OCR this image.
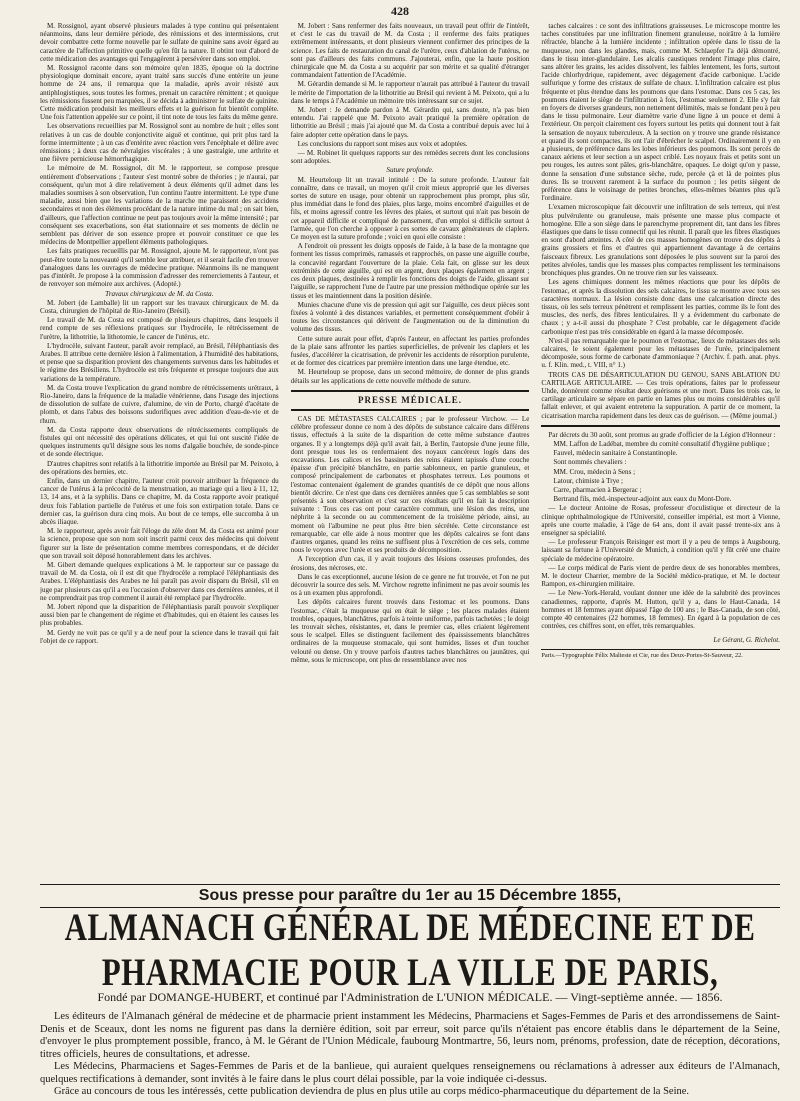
428

M. Rossignol, ayant observé plusieurs malades à type continu qui présentaient néanmoins, dans leur dernière période, des rémissions et des intermissions, crut devoir combattre cette forme nouvelle par le sulfate de quinine sans avoir égard au caractère de l'affection primitive quelle qu'en fût la nature. Il obtint tout d'abord de cette médication des avantages qui l'engagèrent à persévérer dans son emploi.

M. Rossignol raconte dans son mémoire qu'en 1835, époque où la doctrine physiologique dominait encore, ayant traité sans succès d'une entérite un jeune homme de 24 ans, il remarqua que la maladie, après avoir résisté aux antiphlogistiques, sous toutes les formes, prenait un caractère rémittent ; et quoique les rémissions fussent peu marquées, il se décida à administrer le sulfate de quinine. Cette médication produisit les meilleurs effets et la guérison fut bientôt complète. Une fois l'attention appelée sur ce point, il tint note de tous les faits du même genre.

Les observations recueillies par M. Rossignol sont au nombre de huit ; elles sont relatives à un cas de double conjonctivite aiguë et continue, qui prit plus tard la forme intermittente ; à un cas d'entérite avec réaction vers l'encéphale et délire avec rémissions ; à deux cas de névralgies viscérales ; à une gastralgie, une arthrite et une fièvre pernicieuse hémorrhagique.

Le mémoire de M. Rossignol, dit M. le rapporteur, se compose presque entièrement d'observations ; l'auteur s'est montré sobre de théories ; je n'aurai, par conséquent, qu'un mot à dire relativement à deux éléments qu'il admet dans les maladies soumises à son observation, l'un continu l'autre intermittent. Le type d'une maladie, aussi bien que les variations de la marche me paraissent des accidens secondaires et non des éléments procédant de la nature intime du mal ; on sait bien, d'ailleurs, que l'affection continue ne peut pas toujours avoir la même intensité ; par conséquent ses exacerbations, son état stationnaire et ses moments de déclin ne semblent pas dériver de son essence propre et pouvoir constituer ce que les médecins de Montpellier appellent éléments pathologiques.

Les faits pratiques recueillis par M. Rossignol, ajoute M. le rapporteur, n'ont pas peut-être toute la nouveauté qu'il semble leur attribuer, et il serait facile d'en trouver d'analogues dans les ouvrages de médecine pratique. Néanmoins ils ne manquent pas d'intérêt. Je propose à la commission d'adresser des remerciements à l'auteur, et de renvoyer son mémoire aux archives. (Adopté.)

Travaux chirurgicaux de M. da Costa.

M. Jobert (de Lamballe) lit un rapport sur les travaux chirurgicaux de M. da Costa, chirurgien de l'hôpital de Rio-Janeiro (Brésil).

Le travail de M. da Costa est composé de plusieurs chapitres, dans lesquels il rend compte de ses réflexions pratiques sur l'hydrocèle, le rétrécissement de l'urètre, la lithotritie, la lithotomie, le cancer de l'utérus, etc.

L'hydrocèle, suivant l'auteur, paraît avoir remplacé, au Brésil, l'éléphantiasis des Arabes. Il attribue cette dernière lésion à l'alimentation, à l'humidité des habitations, et pense que sa disparition provient des changements survenus dans les habitudes et le régime des Brésiliens. L'hydrocèle est très fréquente et presque toujours due aux variations de la température.

M. da Costa trouve l'explication du grand nombre de rétrécissements urétraux, à Rio-Janeiro, dans la fréquence de la maladie vénérienne, dans l'usage des injections de dissolution de sulfate de cuivre, d'alumine, de vin de Porto, chargé d'acétate de plomb, et dans l'abus des boissons sudorifiques avec addition d'eau-de-vie et de rhum.

M. da Costa rapporte deux observations de rétrécissements compliqués de fistules qui ont nécessité des opérations délicates, et qui lui ont suscité l'idée de quelques instruments qu'il désigne sous les noms d'algalie bouchée, de sonde-pince et de sonde électrique.

D'autres chapitres sont relatifs à la lithotritie importée au Brésil par M. Peixoto, à des opérations des hernies, etc.

Enfin, dans un dernier chapitre, l'auteur croit pouvoir attribuer la fréquence du cancer de l'utérus à la précocité de la menstruation, au mariage qui a lieu à 11, 12, 13, 14 ans, et à la syphilis. Dans ce chapitre, M. da Costa rapporte avoir pratiqué deux fois l'ablation partielle de l'utérus et une fois son extirpation totale. Dans ce dernier cas, la guérison dura cinq mois. Au bout de ce temps, elle succomba à un abcès iliaque.

M. le rapporteur, après avoir fait l'éloge du zèle dont M. da Costa est animé pour la science, propose que son nom soit inscrit parmi ceux des médecins qui doivent figurer sur la liste de présentation comme membres correspondans, et de décider que son travail soit déposé honorablement dans les archives.

M. Gibert demande quelques explications à M. le rapporteur sur ce passage du travail de M. da Costa, où il est dit que l'hydrocèle a remplacé l'éléphantiasis des Arabes. L'éléphantiasis des Arabes ne lui paraît pas avoir disparu du Brésil, s'il en juge par plusieurs cas qu'il a eu l'occasion d'observer dans ces dernières années, et il ne comprendrait pas trop comment il aurait été remplacé par l'hydrocèle.

M. Jobert répond que la disparition de l'éléphantiasis paraît pouvoir s'expliquer aussi bien par le changement de régime et d'habitudes, qui en étaient les causes les plus probables.

M. Gerdy ne voit pas ce qu'il y a de neuf pour la science dans le travail qui fait l'objet de ce rapport.

M. Jobert : Sans renfermer des faits nouveaux, un travail peut offrir de l'intérêt, et c'est le cas du travail de M. da Costa ; il renferme des faits pratiques extrêmement intéressants, et dont plusieurs viennent confirmer des principes de la science. Les faits de restauration du canal de l'urètre, ceux d'ablation de l'utérus, ne sont pas d'ailleurs des faits communs. J'ajouterai, enfin, que la haute position chirurgicale que M. da Costa a su acquérir par son mérite et sa qualité d'étranger commandaient l'attention de l'Académie.

M. Gérardin demande si M. le rapporteur n'aurait pas attribué à l'auteur du travail le mérite de l'importation de la lithotritie au Brésil qui revient à M. Peixoto, qui a lu dans le temps à l'Académie un mémoire très intéressant sur ce sujet.

M. Jobert : Je demande pardon à M. Gérardin qui, sans doute, n'a pas bien entendu. J'ai rappelé que M. Peixoto avait pratiqué la première opération de lithotritie au Brésil ; mais j'ai ajouté que M. da Costa a contribué depuis avec lui à faire adopter cette opération dans le pays.

Les conclusions du rapport sont mises aux voix et adoptées.

— M. Robinet lit quelques rapports sur des remèdes secrets dont les conclusions sont adoptées.

Suture profonde.

M. Heurteloup lit un travail intitulé : De la suture profonde. L'auteur fait connaître, dans ce travail, un moyen qu'il croit mieux approprié que les diverses sortes de suture en usage, pour obtenir un rapprochement plus prompt, plus sûr, plus immédiat dans le fond des plaies, plus large, moins encombré d'aiguilles et de fils, et moins agressif contre les lèvres des plaies, et surtout qui n'ait pas besoin de cet appareil difficile et compliqué de pansement, d'un emploi si difficile surtout à l'armée, que l'on cherche à opposer à ces sortes de cavaux générateurs de claplers. Ce moyen est la suture profonde ; voici en quoi elle consiste :

A l'endroit où pressent les doigts opposés de l'aide, à la base de la montagne que forment les tissus comprimés, ramassés et rapprochés, on passe une aiguille courbe, la concavité regardant l'ouverture de la plaie. Cela fait, on glisse sur les deux extrémités de cette aiguille, qui est en argent, deux plaques également en argent ; ces deux plaques, destinées à remplir les fonctions des doigts de l'aide, glissant sur l'aiguille, se rapprochent l'une de l'autre par une pression méthodique opérée sur les tissus et les maintiennent dans la position désirée.

Munies chacune d'une vis de pression qui agit sur l'aiguille, ces deux pièces sont fixées à volonté à des distances variables, et permettent conséquemment d'obéir à toutes les circonstances qui dérivent de l'augmentation ou de la diminution du volume des tissus.

Cette suture aurait pour effet, d'après l'auteur, en affectant les parties profondes de la plaie sans affronter les parties superficielles, de prévenir les claplers et les fusées, d'accélérer la cicatrisation, de prévenir les accidents de résorption purulente, et de former des cicatrices par première intention dans une large étendue, etc.

M. Heurteloup se propose, dans un second mémoire, de donner de plus grands détails sur les applications de cette nouvelle méthode de suture.

PRESSE MÉDICALE.

CAS DE MÉTASTASES CALCAIRES ; par le professeur Virchow. — Le célèbre professeur donne ce nom à des dépôts de substance calcaire dans différens tissus, effectués à la suite de la disparition de cette même substance d'autres organes. Il y a longtemps déjà qu'il avait fait, à Berlin, l'autopsie d'une jeune fille, dont presque tous les os renfermaient des noyaux cancéreux logés dans des excavations. Les calices et les bassinets des reins étaient tapissés d'une couche épaisse d'un précipité blanchâtre, en partie sablonneux, en partie granuleux, et composé principalement de carbonates et phosphates terreux. Les poumons et l'estomac contenaient également de grandes quantités de ce dépôt que nous allons bientôt décrire. Ce n'est que dans ces dernières années que 5 cas semblables se sont présentés à son observation et c'est sur ces résultats qu'il en fait la description suivante : Tous ces cas ont pour caractère commun, une lésion des reins, une néphrite à la seconde ou au commencement de la troisième période, ainsi, au moment où l'albumine ne peut plus être bien sécrétée. Cette circonstance est remarquable, car elle aide à nous montrer que les dépôts calcaires se font dans d'autres organes, quand les reins ne suffisent plus à l'excrétion de ces sels, comme nous le voyons avec l'urée et ses produits de décomposition.

A l'exception d'un cas, il y avait toujours des lésions osseuses profondes, des érosions, des nécroses, etc.

Dans le cas exceptionnel, aucune lésion de ce genre ne fut trouvée, et l'on ne put découvrir la source des sels. M. Virchow regrette infiniment ne pas avoir soumis les os à un examen plus approfondi.

Les dépôts calcaires furent trouvés dans l'estomac et les poumons. Dans l'estomac, c'était la muqueuse qui en était le siège ; les places malades étaient troubles, opaques, blanchâtres, parfois à teinte uniforme, parfois tachetées ; le doigt les trouvait sèches, résistantes, et, dans le premier cas, elles criaient légèrement sous le scalpel. Elles se distinguent facilement des épaississements blanchâtres ordinaires de la muqueuse stomacale, qui sont humides, lisses et d'un toucher velouté ou dense. On y trouve parfois d'autres taches blanchâtres ou jaunâtres, qui même, sous le microscope, ont plus de ressemblance avec nos

taches calcaires : ce sont des infiltrations graisseuses. Le microscope montre les taches constituées par une infiltration finement granuleuse, noirâtre à la lumière réfractée, blanche à la lumière incidente ; infiltration opérée dans le tissu de la muqueuse, non dans les glandes, mais, comme M. Schlaepfer l'a déjà démontré, dans le tissu inter-glandulaire. Les alcalis caustiques rendent l'image plus claire, sans altérer les grains, les acides dissolvent, les faibles lentement, les forts, surtout l'acide chlorhydrique, rapidement, avec dégagement d'acide carbonique. L'acide sulfurique y forme des cristaux de sulfate de chaux. L'infiltration calcaire est plus fréquente et plus étendue dans les poumons que dans l'estomac. Dans ces 5 cas, les poumons étaient le siège de l'infiltration à fois, l'estomac seulement 2. Elle s'y fait en foyers de diverses grandeurs, non nettement délimités, mais se fondant peu à peu dans le tissu pulmonaire. Leur diamètre varie d'une ligne à un pouce et demi à l'extérieur. On perçoit clairement ces foyers surtout les petits qui donnent tout à fait la sensation de noyaux tuberculeux. A la section on y trouve une grande résistance et quand ils sont compactes, ils ont l'air d'ébrécher le scalpel. Ordinairement il y en a plusieurs, de préférence dans les lobes inférieurs des poumons. Ils sont percés de canaux aériens et leur section a un aspect criblé. Les noyaux frais et petits sont un peu rouges, les autres sont pâles, gris-blanchâtre, opaques. Le doigt qu'on y passe, donne la sensation d'une substance sèche, rude, percée çà et là de pointes plus dures. Ils se trouvent rarement à la surface du poumon ; les petits siègent de préférence dans le voisinage de petites bronches, elles-mêmes béantes plus qu'à l'ordinaire.

L'examen microscopique fait découvrir une infiltration de sels terreux, qui n'est plus pulvérulente ou granuleuse, mais présente une masse plus compacte et homogène. Elle a son siège dans le parenchyme proprement dit, tant dans les fibres élastiques que dans le tissu connectif qui les réunit. Il paraît que les fibres élastiques en sont d'abord atteintes. A côté de ces masses homogènes on trouve des dépôts à grains grossiers et fins et d'autres qui appartiennent davantage à de certains faisceaux fibreux. Les granulations sont déposées le plus souvent sur la paroi des petites alvéoles, tandis que les masses plus compactes remplissent les terminaisons bronchiques plus grandes. On ne trouve rien sur les vaisseaux.

Les agens chimiques donnent les mêmes réactions que pour les dépôts de l'estomac, et après la dissolution des sels calcaires, le tissu se montre avec tous ses caractères normaux. La lésion consiste donc dans une calcarisation directe des tissus, où les sels terreux pénètrent et remplissent les parties, comme ils le font des muscles, des nerfs, des fibres lenticulaires. Il y a évidemment du carbonate de chaux ; y a-t-il aussi du phosphate ? C'est probable, car le dégagement d'acide carbonique n'est pas très considérable en égard à la masse décomposée.

N'est-il pas remarquable que le poumon et l'estomac, lieux de métastases des sels calcaires, le soient également pour les métastases de l'urée, principalement décomposée, sous forme de carbonate d'ammoniaque ? (Archiv. f. path. anat. phys. u. f. Klin. med., t. VIII, n° 1.)

TROIS CAS DE DÉSARTICULATION DU GENOU, SANS ABLATION DU CARTILAGE ARTICULAIRE. — Ces trois opérations, faites par le professeur Uhde, donnèrent comme résultat deux guérisons et une mort. Dans les trois cas, le cartilage articulaire se sépare en partie en lames plus ou moins considérables qu'il fallait enlever, et qui avaient entretenu la suppuration. A partir de ce moment, la cicatrisation marcha rapidement dans les deux cas de guérison. — (Même journal.)

Par décrets du 30 août, sont promus au grade d'officier de la Légion d'Honneur :

MM. Laffon de Ladébat, membre du comité consultatif d'hygiène publique ;

Fauvel, médecin sanitaire à Constantinople.

Sont nommés chevaliers :

MM. Crou, médecin à Sens ;

Latour, chimiste à Trye ;

Carre, pharmacien à Bergerac ;

Bertrand fils, méd.-inspecteur-adjoint aux eaux du Mont-Dore.

— Le docteur Antoine de Rosas, professeur d'oculistique et directeur de la clinique ophthalmologique de l'Université, conseiller impérial, est mort à Vienne, après une courte maladie, à l'âge de 64 ans, dont il avait passé trente-six ans à enseigner sa spécialité.

— Le professeur François Reisinger est mort il y a peu de temps à Augsbourg, laissant sa fortune à l'Université de Munich, à condition qu'il y fût créé une chaire spéciale de médecine opératoire.

— Le corps médical de Paris vient de perdre deux de ses honorables membres, M. le docteur Charrier, membre de la Société médico-pratique, et M. le docteur Rampon, ex-chirurgien militaire.

— Le New-York-Herald, voulant donner une idée de la salubrité des provinces canadiennes, rapporte, d'après M. Hutton, qu'il y a, dans le Haut-Canada, 14 hommes et 18 femmes ayant dépassé l'âge de 100 ans ; le Bas-Canada, de son côté, compte 40 centenaires (22 hommes, 18 femmes). En égard à la population de ces contrées, ces chiffres sont, en effet, très remarquables.

Le Gérant, G. Richelot.

Paris.—Typographie Félix Malteste et Cie, rue des Deux-Portes-St-Sauveur, 22.

Sous presse pour paraître du 1er au 15 Décembre 1855,
ALMANACH GÉNÉRAL DE MÉDECINE ET DE PHARMACIE POUR LA VILLE DE PARIS,
Fondé par DOMANGE-HUBERT, et continué par l'Administration de L'UNION MÉDICALE. — Vingt-septième année. — 1856.

Les éditeurs de l'Almanach général de médecine et de pharmacie prient instamment les Médecins, Pharmaciens et Sages-Femmes de Paris et des arrondissemens de Saint-Denis et de Sceaux, dont les noms ne figurent pas dans la dernière édition, soit par erreur, soit parce qu'ils n'étaient pas encore établis dans le département de la Seine, d'envoyer le plus promptement possible, franco, à M. le Gérant de l'Union Médicale, faubourg Montmartre, 56, leurs nom, prénoms, profession, date de réception, décorations, titres officiels, heures de consultations, et adresse.

Les Médecins, Pharmaciens et Sages-Femmes de Paris et de la banlieue, qui auraient quelques renseignemens ou réclamations à adresser aux éditeurs de l'Almanach, quelques rectifications à demander, sont invités à le faire dans le plus court délai possible, par la voie indiquée ci-dessus.

Grâce au concours de tous les intéressés, cette publication deviendra de plus en plus utile au corps médico-pharmaceutique du département de la Seine.
